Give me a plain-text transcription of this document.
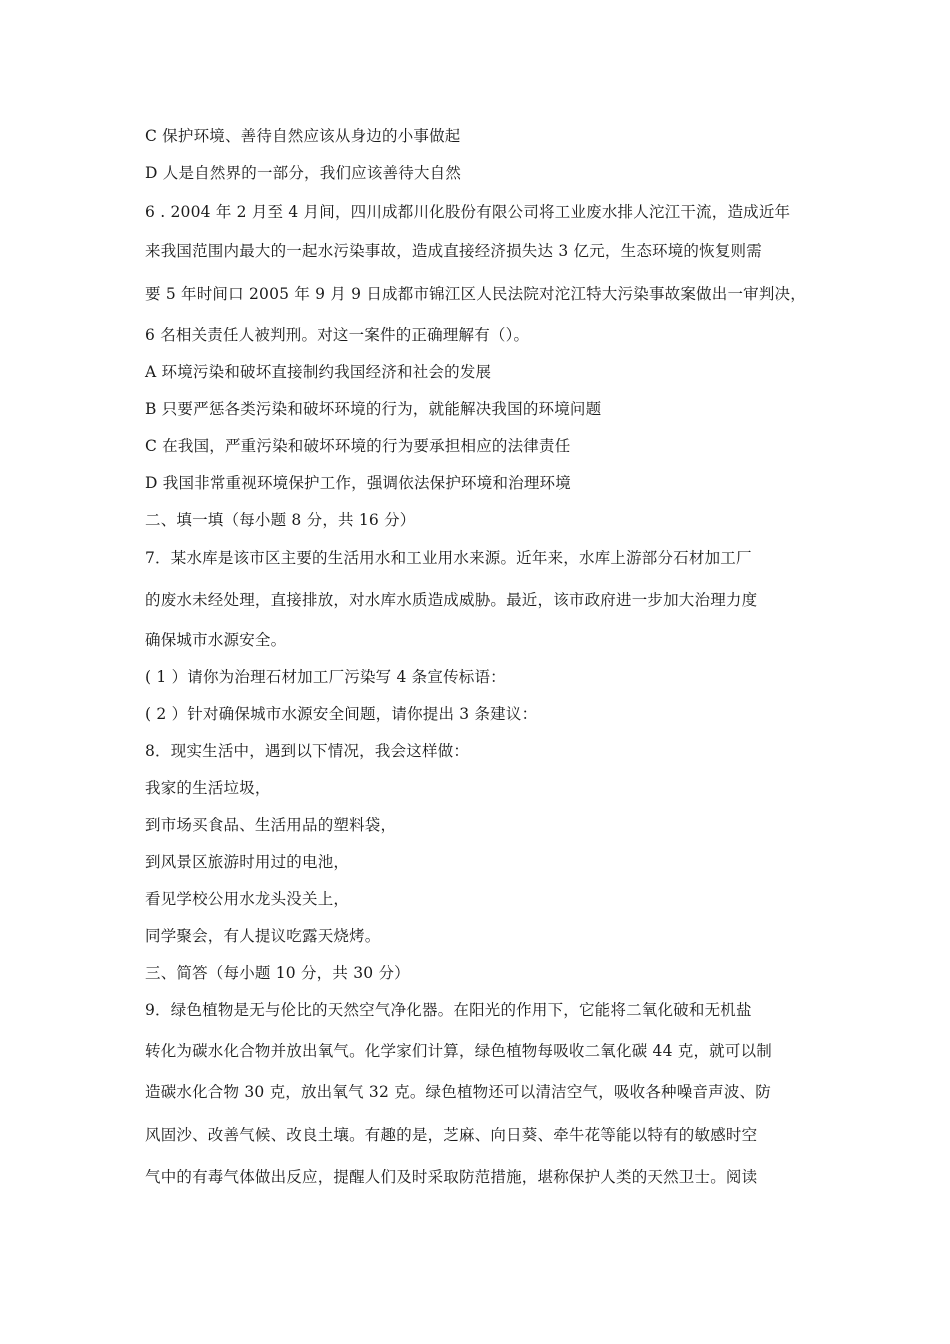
C 保护环境、善待自然应该从身边的小事做起
D 人是自然界的一部分，我们应该善待大自然
6 . 2004 年 2 月至 4 月间，四川成都川化股份有限公司将工业废水排人沱江干流，造成近年
来我国范围内最大的一起水污染事故，造成直接经济损失达 3 亿元，生态环境的恢复则需
要 5 年时间口 2005 年 9 月 9 日成都市锦江区人民法院对沱江特大污染事故案做出一审判决，
6 名相关责任人被判刑。对这一案件的正确理解有（）。
A 环境污染和破坏直接制约我国经济和社会的发展
B 只要严惩各类污染和破坏环境的行为，就能解决我国的环境问题
C 在我国，严重污染和破坏环境的行为要承担相应的法律责任
D 我国非常重视环境保护工作，强调依法保护环境和治理环境
二、填一填（每小题 8 分，共 16 分）
7．某水库是该市区主要的生活用水和工业用水来源。近年来，水库上游部分石材加工厂
的废水未经处理，直接排放，对水库水质造成威胁。最近，该市政府进一步加大治理力度
确保城市水源安全。
( 1 ）请你为治理石材加工厂污染写 4 条宣传标语：
( 2 ）针对确保城市水源安全间题，请你提出 3 条建议：
8．现实生活中，遇到以下情况，我会这样做：
我家的生活垃圾，
到市场买食品、生活用品的塑料袋，
到风景区旅游时用过的电池，
看见学校公用水龙头没关上，
同学聚会，有人提议吃露天烧烤。
三、简答（每小题 10 分，共 30 分）
9．绿色植物是无与伦比的天然空气净化器。在阳光的作用下，它能将二氧化破和无机盐
转化为碳水化合物并放出氧气。化学家们计算，绿色植物每吸收二氧化碳 44 克，就可以制
造碳水化合物 30 克，放出氧气 32 克。绿色植物还可以清洁空气，吸收各种噪音声波、防
风固沙、改善气候、改良土壤。有趣的是，芝麻、向日葵、牵牛花等能以特有的敏感时空
气中的有毒气体做出反应，提醒人们及时采取防范措施，堪称保护人类的天然卫士。阅读
